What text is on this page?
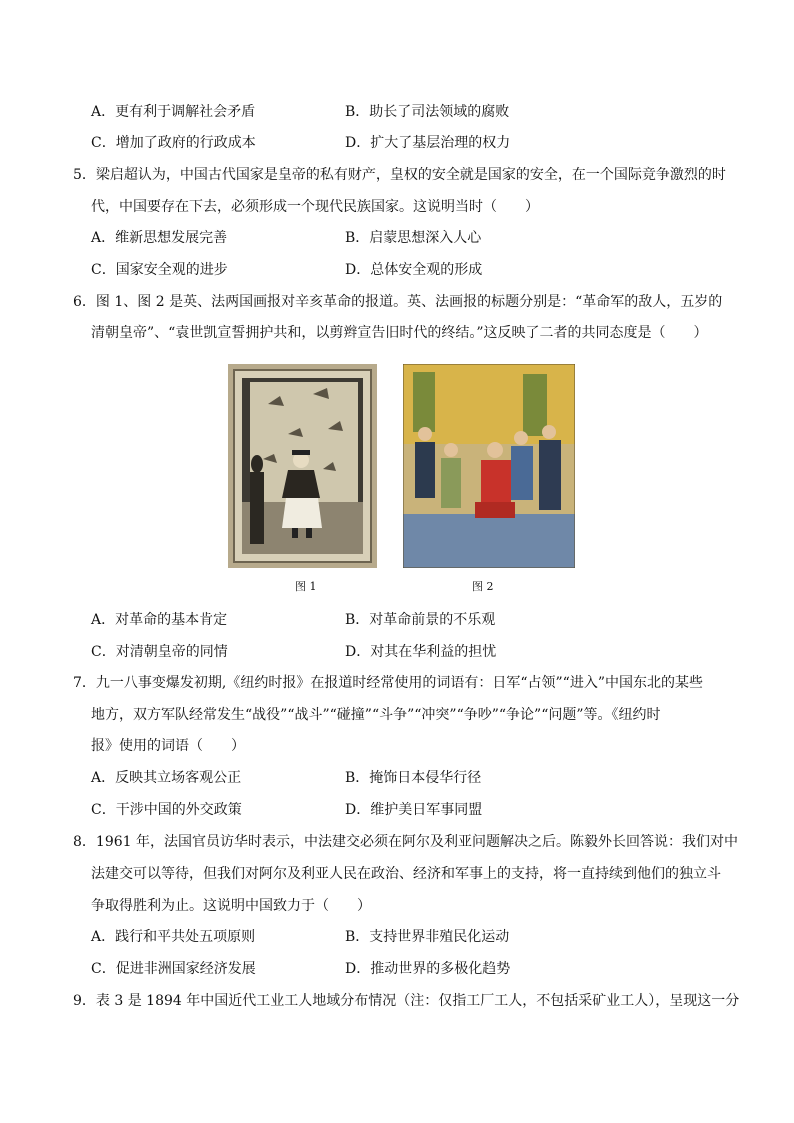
A．更有利于调解社会矛盾	B．助长了司法领域的腐败
C．增加了政府的行政成本	D．扩大了基层治理的权力
5．梁启超认为，中国古代国家是皇帝的私有财产，皇权的安全就是国家的安全，在一个国际竞争激烈的时
代，中国要存在下去，必须形成一个现代民族国家。这说明当时（　　）
A．维新思想发展完善	B．启蒙思想深入人心
C．国家安全观的进步	D．总体安全观的形成
6．图 1、图 2 是英、法两国画报对辛亥革命的报道。英、法画报的标题分别是：“革命军的敌人，五岁的
清朝皇帝”、“袁世凯宣誓拥护共和，以剪辫宣告旧时代的终结。”这反映了二者的共同态度是（　　）
图 1	图 2
A．对革命的基本肯定	B．对革命前景的不乐观
C．对清朝皇帝的同情	D．对其在华利益的担忧
7．九一八事变爆发初期,《纽约时报》在报道时经常使用的词语有：日军“占领”“进入”中国东北的某些
地方，双方军队经常发生“战役”“战斗”“碰撞”“斗争”“冲突”“争吵”“争论”“问题”等。《纽约时
报》使用的词语（　　）
A．反映其立场客观公正	B．掩饰日本侵华行径
C．干涉中国的外交政策	D．维护美日军事同盟
8．1961 年，法国官员访华时表示，中法建交必须在阿尔及利亚问题解决之后。陈毅外长回答说：我们对中
法建交可以等待，但我们对阿尔及利亚人民在政治、经济和军事上的支持，将一直持续到他们的独立斗
争取得胜利为止。这说明中国致力于（　　）
A．践行和平共处五项原则	B．支持世界非殖民化运动
C．促进非洲国家经济发展	D．推动世界的多极化趋势
9．表 3 是 1894 年中国近代工业工人地域分布情况（注：仅指工厂工人，不包括采矿业工人），呈现这一分
